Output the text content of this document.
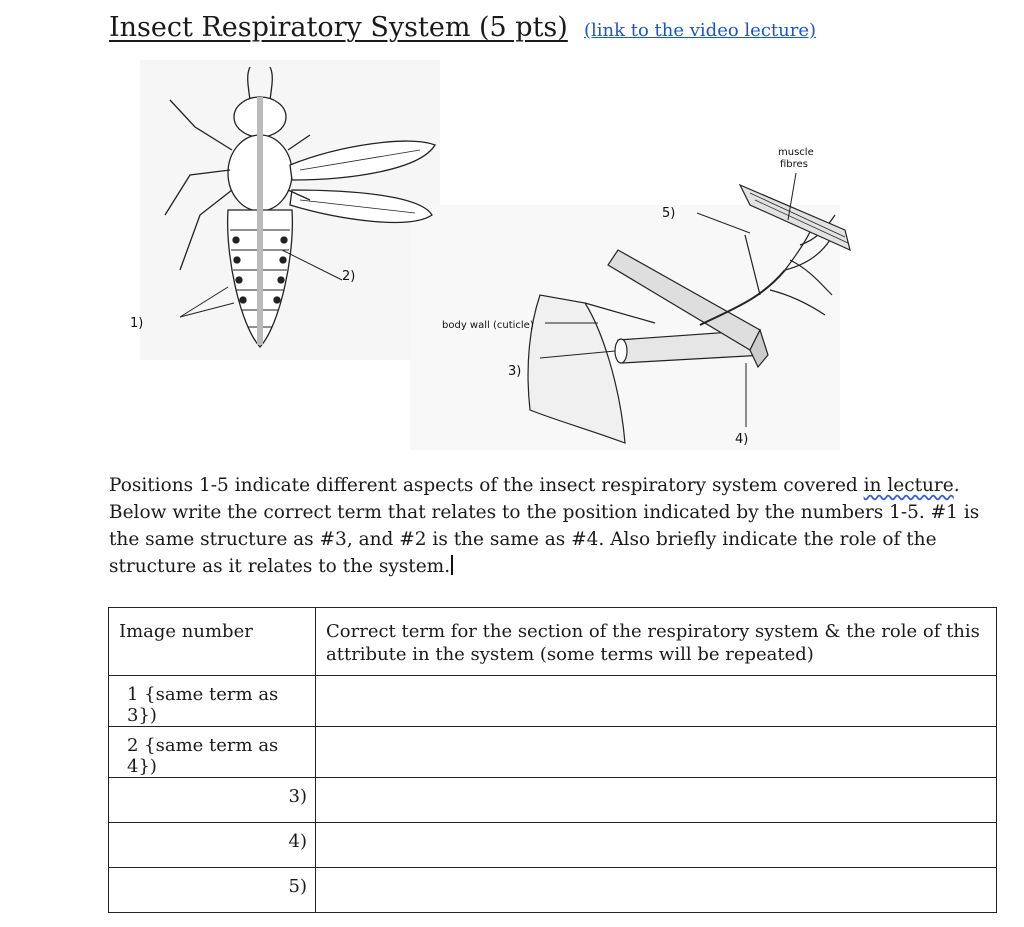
Insect Respiratory System (5 pts) (link to the video lecture)
1)
2)
body wall (cuticle)
3)
4)
5)
muscle
fibres

Positions 1-5 indicate different aspects of the insect respiratory system covered in lecture. Below write the correct term that relates to the position indicated by the numbers 1-5. #1 is the same structure as #3, and #2 is the same as #4. Also briefly indicate the role of the structure as it relates to the system.

Image number	Correct term for the section of the respiratory system & the role of this attribute in the system (some terms will be repeated)
1 {same term as 3})	
2 {same term as 4})	
3)	
4)	
5)	
